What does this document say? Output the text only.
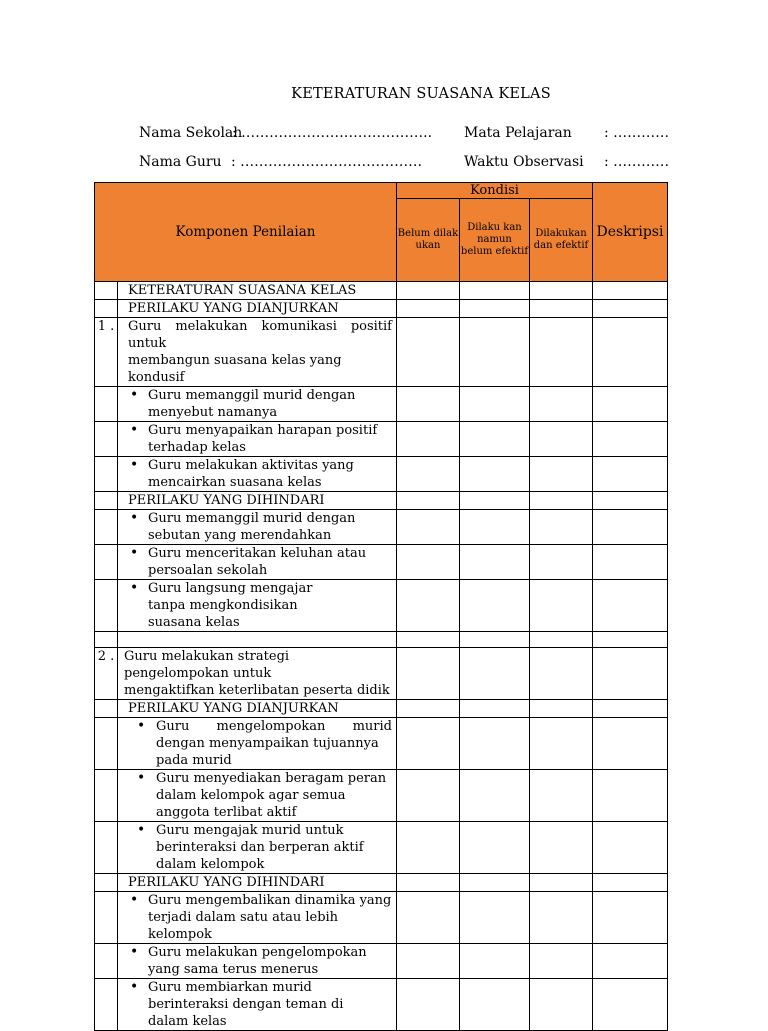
KETERATURAN SUASANA KELAS
Nama Sekolah
: ………………………………….. Mata Pelajaran : …………
Nama Guru : …………………………………	Waktu Observasi : …………
Komponen Penilaian		Kondisi			Deskripsi
		Belum dilak ukan	Dilaku kan namun belum efektif	Dilakukan dan efektif	
	KETERATURAN SUASANA KELAS				
	PERILAKU YANG DIANJURKAN				
1 .	Guru melakukan komunikasi positif untuk
membangun suasana kelas yang kondusif				
	• Guru memanggil murid dengan menyebut namanya				
	• Guru menyapaikan harapan positif terhadap kelas				
	• Guru melakukan aktivitas yang mencairkan suasana kelas				
	PERILAKU YANG DIHINDARI				
	• Guru memanggil murid dengan sebutan yang merendahkan				
	• Guru menceritakan keluhan atau persoalan sekolah				
	• Guru langsung mengajar
tanpa mengkondisikan
suasana kelas				

2 .	Guru melakukan strategi pengelompokan untuk
mengaktifkan keterlibatan peserta didik				
	PERILAKU YANG DIANJURKAN				

	• Guru mengelompokan murid
dengan menyampaikan tujuannya pada murid				
	• Guru menyediakan beragam peran dalam kelompok agar semua anggota terlibat aktif				
	• Guru mengajak murid untuk berinteraksi dan berperan aktif dalam kelompok				
	PERILAKU YANG DIHINDARI				
	• Guru mengembalikan dinamika yang terjadi dalam satu atau lebih kelompok				
	• Guru melakukan pengelompokan yang sama terus menerus				
	• Guru membiarkan murid
berinteraksi dengan teman di
dalam kelas				
